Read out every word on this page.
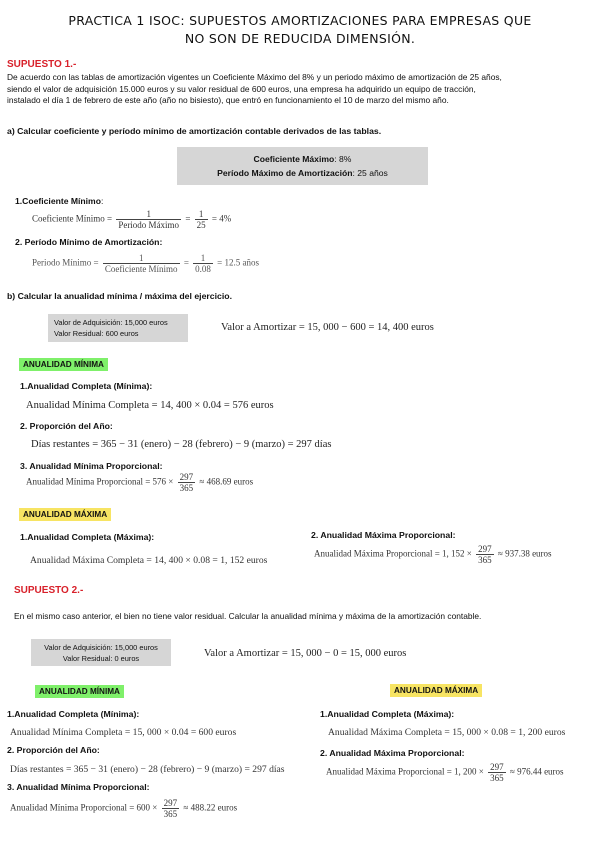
PRACTICA 1 ISOC: SUPUESTOS AMORTIZACIONES PARA EMPRESAS QUE
NO SON DE REDUCIDA DIMENSIÓN.
SUPUESTO 1.-
De acuerdo con las tablas de amortización vigentes un Coeficiente Máximo del 8% y un periodo máximo de amortización de 25 años,
siendo el valor de adquisición 15.000 euros y su valor residual de 600 euros, una empresa ha adquirido un equipo de tracción,
instalado el día 1 de febrero de este año (año no bisiesto), que entró en funcionamiento el 10 de marzo del mismo año.
a) Calcular coeficiente y período mínimo de amortización contable derivados de las tablas.
Coeficiente Máximo: 8%
Período Máximo de Amortización: 25 años
1.Coeficiente Mínimo:
Coeficiente Mínimo = $\frac{1}{\text{Periodo Máximo}} = \frac{1}{25} = 4\%$
2. Período Mínimo de Amortización:
Periodo Mínimo = $\frac{1}{\text{Coeficiente Mínimo}} = \frac{1}{0.08} = 12.5$ años
b) Calcular la anualidad mínima / máxima del ejercicio.
Valor de Adquisición: 15,000 euros
Valor Residual: 600 euros	Valor a Amortizar = 15, 000 − 600 = 14, 400 euros
ANUALIDAD MÍNIMA
1.Anualidad Completa (Mínima):
Anualidad Mínima Completa = 14, 400 × 0.04 = 576 euros
2. Proporción del Año:
Días restantes = 365 − 31 (enero) − 28 (febrero) − 9 (marzo) = 297 días
3. Anualidad Mínima Proporcional:
Anualidad Mínima Proporcional = $576 \times \frac{297}{365} \approx 468.69$ euros
ANUALIDAD MÁXIMA
1.Anualidad Completa (Máxima):
Anualidad Máxima Completa = 14, 400 × 0.08 = 1, 152 euros
2. Anualidad Máxima Proporcional:
Anualidad Máxima Proporcional = 1, $152 \times \frac{297}{365} \approx 937.38$ euros
SUPUESTO 2.-
En el mismo caso anterior, el bien no tiene valor residual. Calcular la anualidad mínima y máxima de la amortización contable.
Valor de Adquisición: 15,000 euros
Valor Residual: 0 euros	Valor a Amortizar = 15, 000 − 0 = 15, 000 euros
ANUALIDAD MÍNIMA	ANUALIDAD MÁXIMA
1.Anualidad Completa (Mínima):
Anualidad Mínima Completa = 15, 000 × 0.04 = 600 euros
2. Proporción del Año:
Días restantes = 365 − 31 (enero) − 28 (febrero) − 9 (marzo) = 297 días
3. Anualidad Mínima Proporcional:
Anualidad Mínima Proporcional = $600 \times \frac{297}{365} \approx 488.22$ euros
1.Anualidad Completa (Máxima):
Anualidad Máxima Completa = 15, 000 × 0.08 = 1, 200 euros
2. Anualidad Máxima Proporcional:
Anualidad Máxima Proporcional = 1, $200 \times \frac{297}{365} \approx 976.44$ euros
